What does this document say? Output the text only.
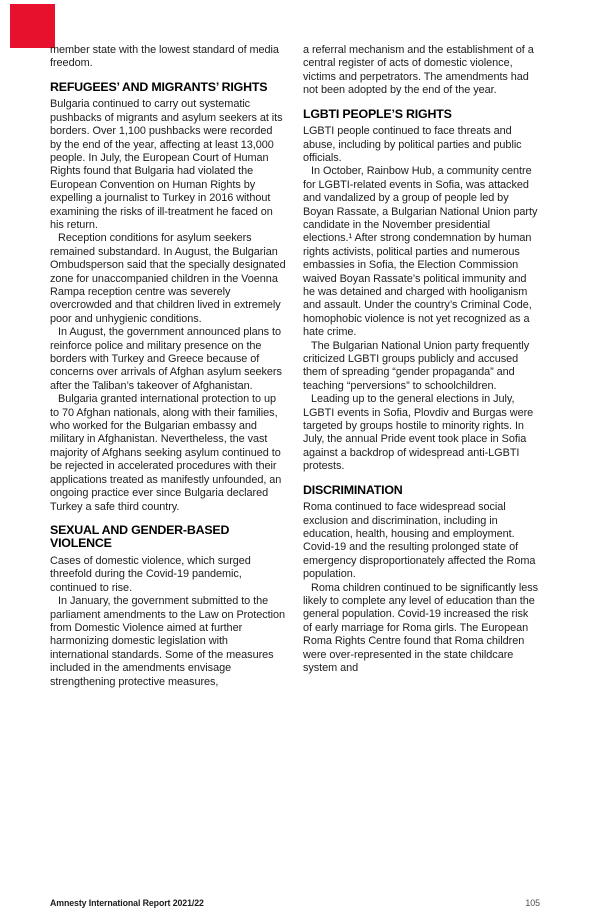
member state with the lowest standard of media freedom.
REFUGEES’ AND MIGRANTS’ RIGHTS
Bulgaria continued to carry out systematic pushbacks of migrants and asylum seekers at its borders. Over 1,100 pushbacks were recorded by the end of the year, affecting at least 13,000 people. In July, the European Court of Human Rights found that Bulgaria had violated the European Convention on Human Rights by expelling a journalist to Turkey in 2016 without examining the risks of ill-treatment he faced on his return.
Reception conditions for asylum seekers remained substandard. In August, the Bulgarian Ombudsperson said that the specially designated zone for unaccompanied children in the Voenna Rampa reception centre was severely overcrowded and that children lived in extremely poor and unhygienic conditions.
In August, the government announced plans to reinforce police and military presence on the borders with Turkey and Greece because of concerns over arrivals of Afghan asylum seekers after the Taliban’s takeover of Afghanistan.
Bulgaria granted international protection to up to 70 Afghan nationals, along with their families, who worked for the Bulgarian embassy and military in Afghanistan. Nevertheless, the vast majority of Afghans seeking asylum continued to be rejected in accelerated procedures with their applications treated as manifestly unfounded, an ongoing practice ever since Bulgaria declared Turkey a safe third country.
SEXUAL AND GENDER-BASED VIOLENCE
Cases of domestic violence, which surged threefold during the Covid-19 pandemic, continued to rise.
In January, the government submitted to the parliament amendments to the Law on Protection from Domestic Violence aimed at further harmonizing domestic legislation with international standards. Some of the measures included in the amendments envisage strengthening protective measures,
a referral mechanism and the establishment of a central register of acts of domestic violence, victims and perpetrators. The amendments had not been adopted by the end of the year.
LGBTI PEOPLE’S RIGHTS
LGBTI people continued to face threats and abuse, including by political parties and public officials.
In October, Rainbow Hub, a community centre for LGBTI-related events in Sofia, was attacked and vandalized by a group of people led by Boyan Rassate, a Bulgarian National Union party candidate in the November presidential elections.¹ After strong condemnation by human rights activists, political parties and numerous embassies in Sofia, the Election Commission waived Boyan Rassate’s political immunity and he was detained and charged with hooliganism and assault. Under the country’s Criminal Code, homophobic violence is not yet recognized as a hate crime.
The Bulgarian National Union party frequently criticized LGBTI groups publicly and accused them of spreading “gender propaganda” and teaching “perversions” to schoolchildren.
Leading up to the general elections in July, LGBTI events in Sofia, Plovdiv and Burgas were targeted by groups hostile to minority rights. In July, the annual Pride event took place in Sofia against a backdrop of widespread anti-LGBTI protests.
DISCRIMINATION
Roma continued to face widespread social exclusion and discrimination, including in education, health, housing and employment. Covid-19 and the resulting prolonged state of emergency disproportionately affected the Roma population.
Roma children continued to be significantly less likely to complete any level of education than the general population. Covid-19 increased the risk of early marriage for Roma girls. The European Roma Rights Centre found that Roma children were over-represented in the state childcare system and
Amnesty International Report 2021/22	105
